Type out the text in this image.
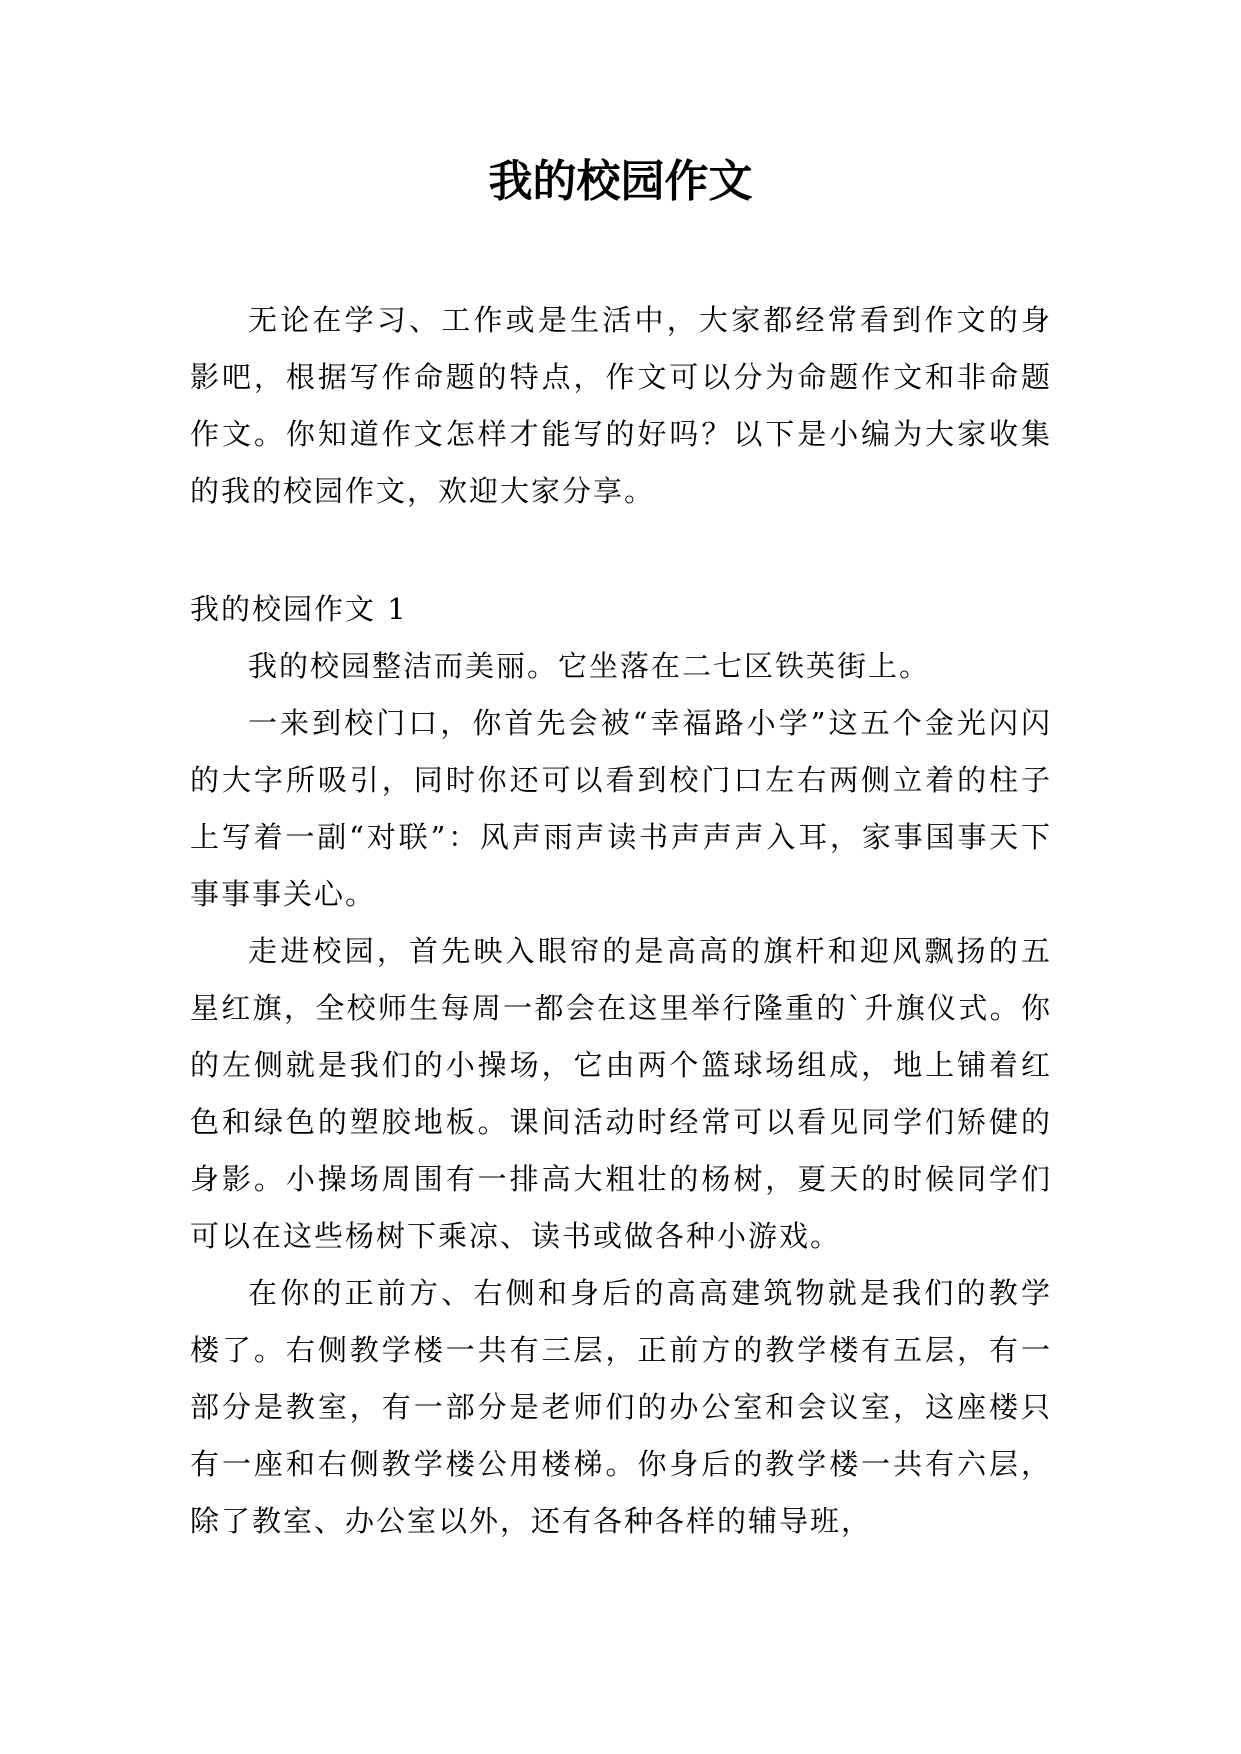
我的校园作文

无论在学习、工作或是生活中，大家都经常看到作文的身影吧，根据写作命题的特点，作文可以分为命题作文和非命题作文。你知道作文怎样才能写的好吗？以下是小编为大家收集的我的校园作文，欢迎大家分享。

我的校园作文 1

我的校园整洁而美丽。它坐落在二七区铁英街上。

一来到校门口，你首先会被“幸福路小学”这五个金光闪闪的大字所吸引，同时你还可以看到校门口左右两侧立着的柱子上写着一副“对联”：风声雨声读书声声声入耳，家事国事天下事事事关心。

走进校园，首先映入眼帘的是高高的旗杆和迎风飘扬的五星红旗，全校师生每周一都会在这里举行隆重的`升旗仪式。你的左侧就是我们的小操场，它由两个篮球场组成，地上铺着红色和绿色的塑胶地板。课间活动时经常可以看见同学们矫健的身影。小操场周围有一排高大粗壮的杨树，夏天的时候同学们可以在这些杨树下乘凉、读书或做各种小游戏。

在你的正前方、右侧和身后的高高建筑物就是我们的教学楼了。右侧教学楼一共有三层，正前方的教学楼有五层，有一部分是教室，有一部分是老师们的办公室和会议室，这座楼只有一座和右侧教学楼公用楼梯。你身后的教学楼一共有六层，除了教室、办公室以外，还有各种各样的辅导班，
